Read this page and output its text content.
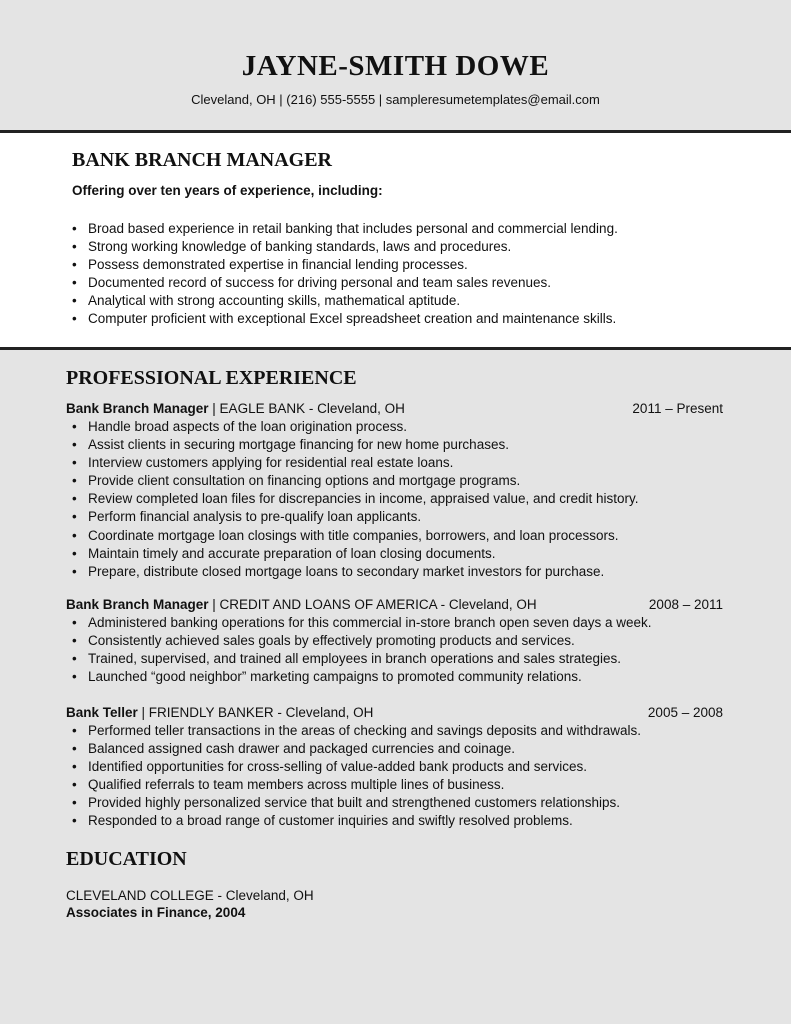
JAYNE-SMITH DOWE
Cleveland, OH | (216) 555-5555 | sampleresumetemplates@email.com
BANK BRANCH MANAGER
Offering over ten years of experience, including:
• Broad based experience in retail banking that includes personal and commercial lending.
• Strong working knowledge of banking standards, laws and procedures.
• Possess demonstrated expertise in financial lending processes.
• Documented record of success for driving personal and team sales revenues.
• Analytical with strong accounting skills, mathematical aptitude.
• Computer proficient with exceptional Excel spreadsheet creation and maintenance skills.
PROFESSIONAL EXPERIENCE
Bank Branch Manager | EAGLE BANK - Cleveland, OH	2011 – Present
• Handle broad aspects of the loan origination process.
• Assist clients in securing mortgage financing for new home purchases.
• Interview customers applying for residential real estate loans.
• Provide client consultation on financing options and mortgage programs.
• Review completed loan files for discrepancies in income, appraised value, and credit history.
• Perform financial analysis to pre-qualify loan applicants.
• Coordinate mortgage loan closings with title companies, borrowers, and loan processors.
• Maintain timely and accurate preparation of loan closing documents.
• Prepare, distribute closed mortgage loans to secondary market investors for purchase.
Bank Branch Manager | CREDIT AND LOANS OF AMERICA - Cleveland, OH	2008 – 2011
• Administered banking operations for this commercial in-store branch open seven days a week.
• Consistently achieved sales goals by effectively promoting products and services.
• Trained, supervised, and trained all employees in branch operations and sales strategies.
• Launched “good neighbor” marketing campaigns to promoted community relations.
Bank Teller | FRIENDLY BANKER - Cleveland, OH	2005 – 2008
• Performed teller transactions in the areas of checking and savings deposits and withdrawals.
• Balanced assigned cash drawer and packaged currencies and coinage.
• Identified opportunities for cross-selling of value-added bank products and services.
• Qualified referrals to team members across multiple lines of business.
• Provided highly personalized service that built and strengthened customers relationships.
• Responded to a broad range of customer inquiries and swiftly resolved problems.
EDUCATION
CLEVELAND COLLEGE - Cleveland, OH
Associates in Finance, 2004
